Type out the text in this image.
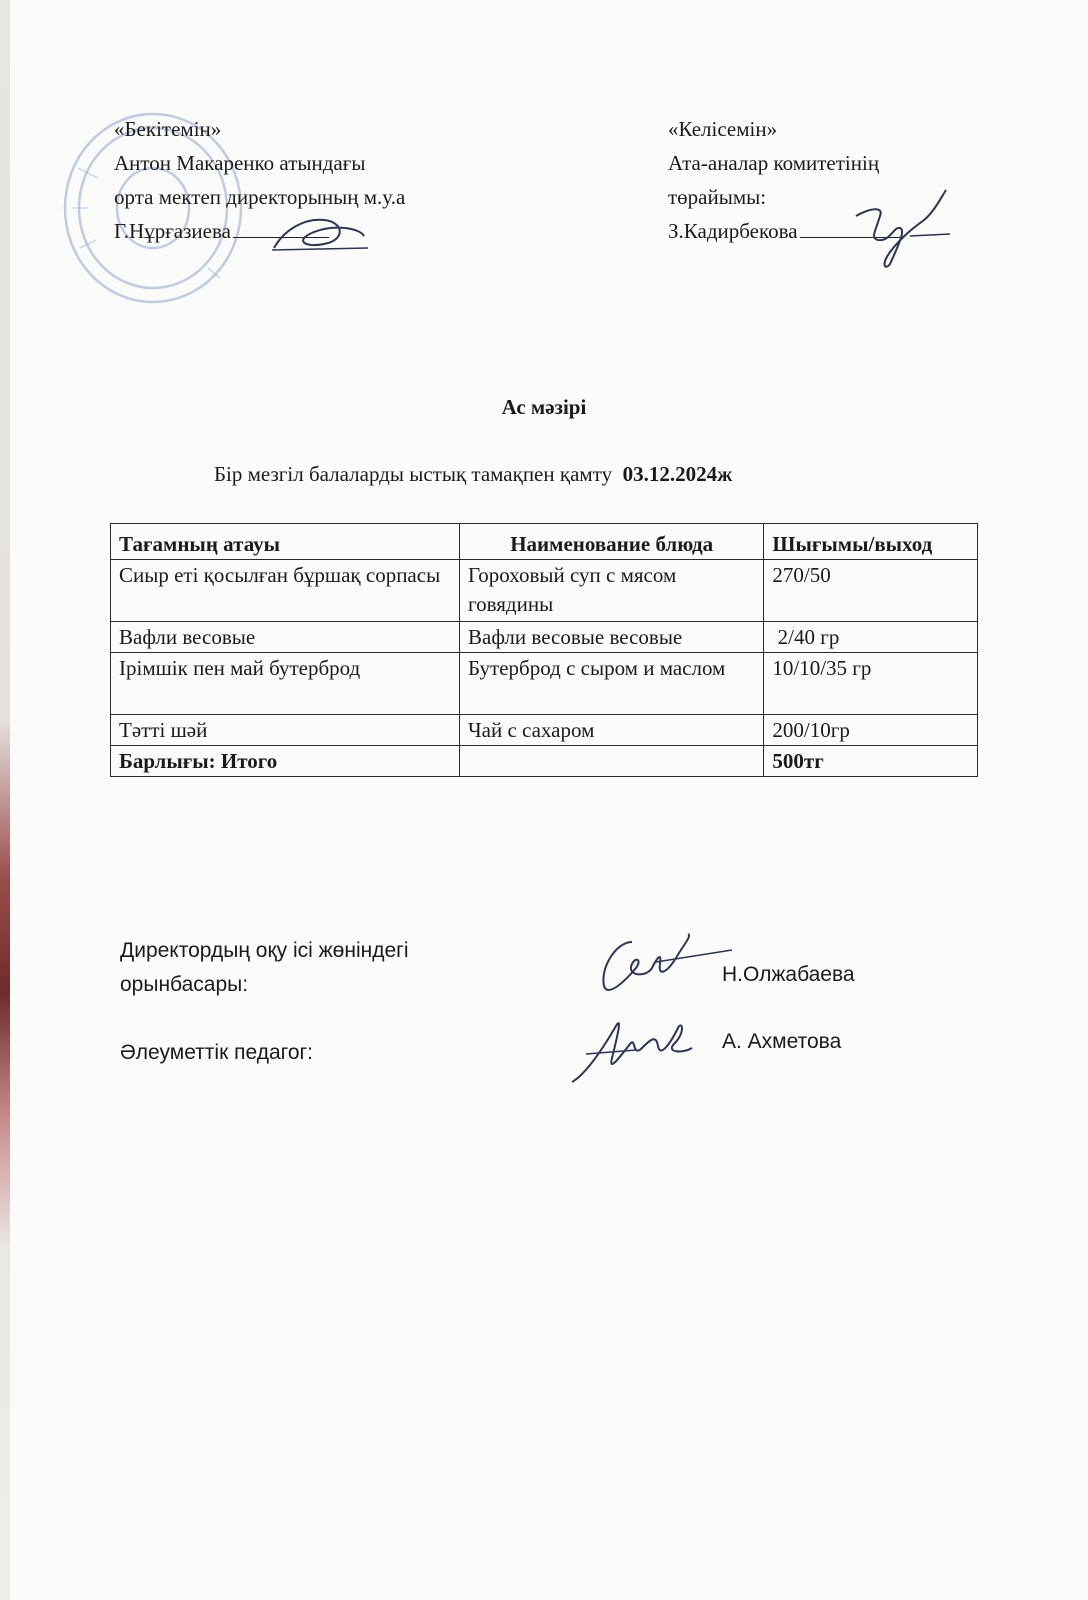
«Бекітемін»
Антон Макаренко атындағы
орта мектеп директорының м.у.а
Г.Нұрғазиева
«Келісемін»
Ата-аналар комитетінің
төрайымы:
З.Кадирбекова
Ас мәзірі
Бір мезгіл балаларды ыстық тамақпен қамту 03.12.2024ж
Тағамның атауы	Наименование блюда	Шығымы/выход
Сиыр еті қосылған бұршақ сорпасы	Гороховый суп с мясом говядины	270/50
Вафли весовые	Вафли весовые весовые	2/40 гр
Ірімшік пен май бутерброд	Бутерброд с сыром и маслом	10/10/35 гр
Тәтті шәй	Чай с сахаром	200/10гр
Барлығы: Итого		500тг
Директордың оқу ісі жөніндегі
орынбасары:	Н.Олжабаева
Әлеуметтік педагог:	А. Ахметова
